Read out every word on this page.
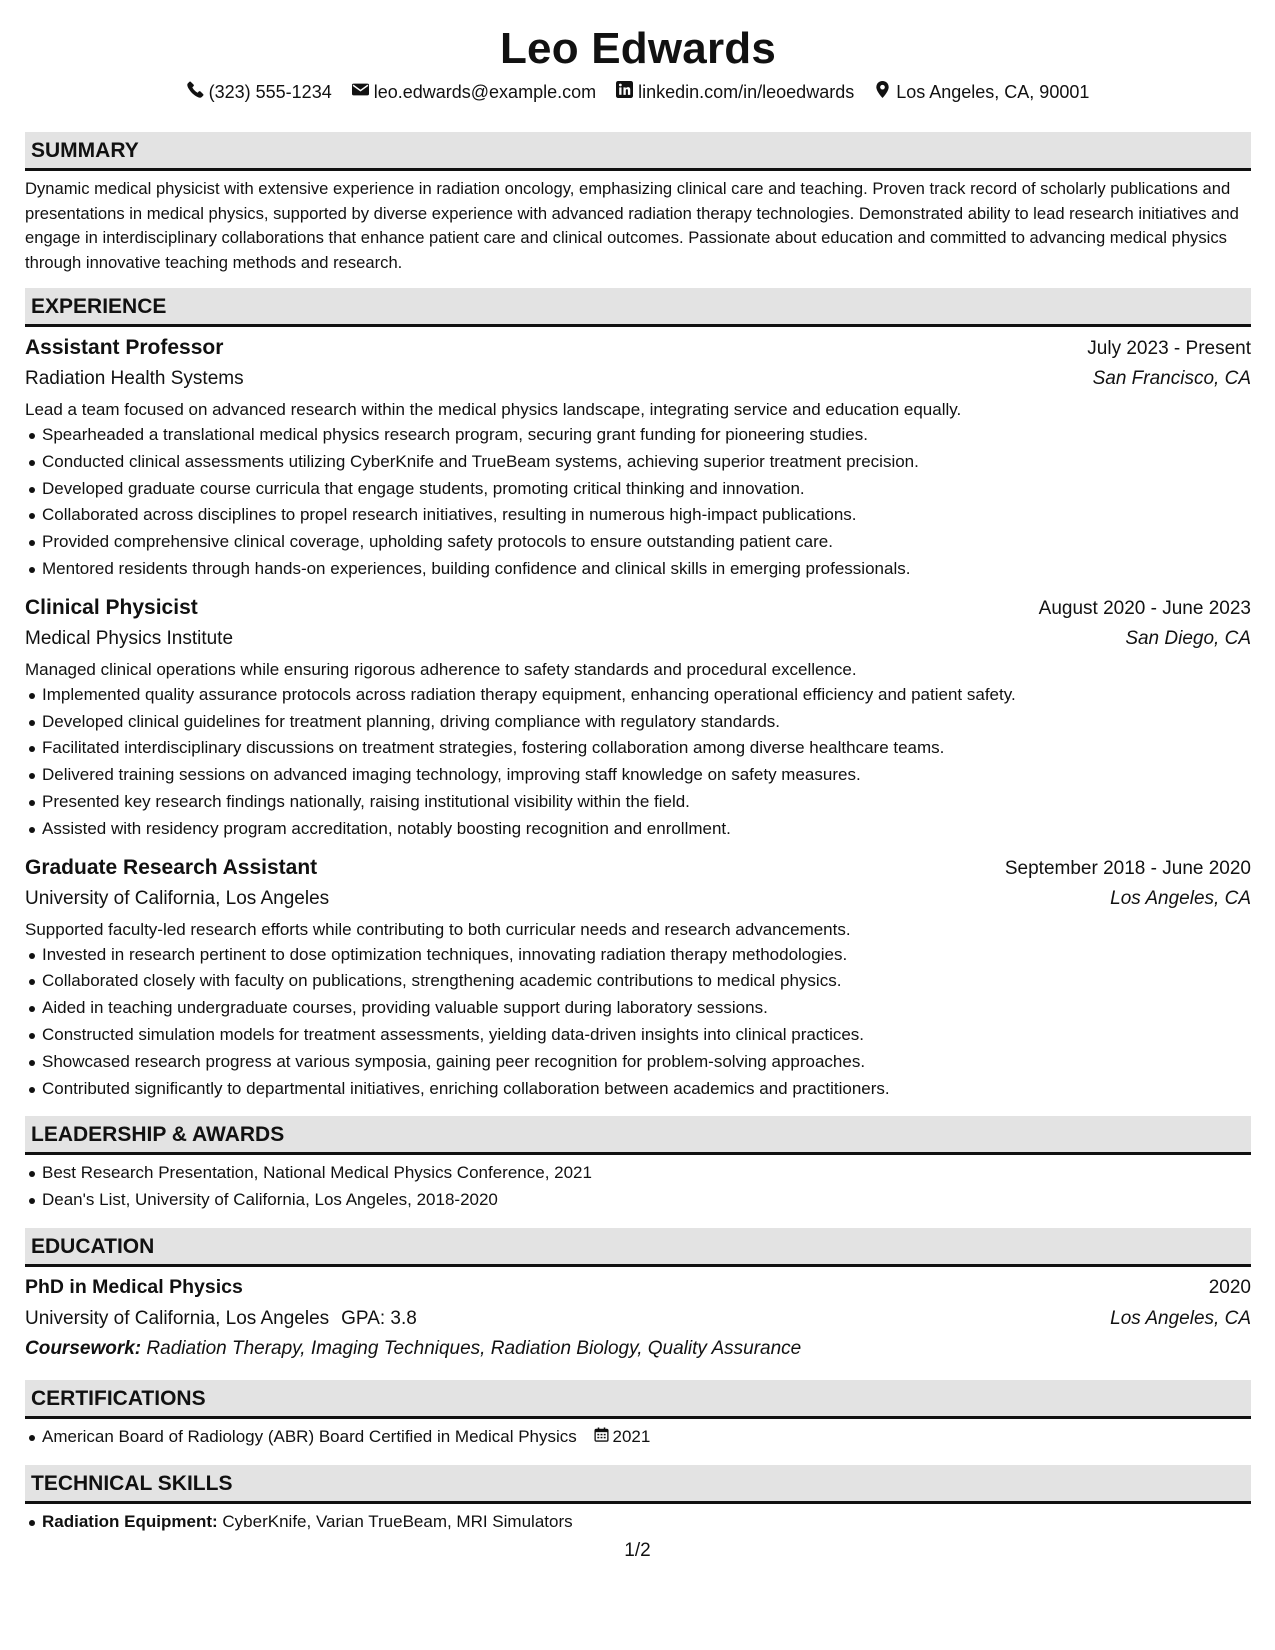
Leo Edwards
(323) 555-1234 leo.edwards@example.com linkedin.com/in/leoedwards Los Angeles, CA, 90001
SUMMARY
Dynamic medical physicist with extensive experience in radiation oncology, emphasizing clinical care and teaching. Proven track record of scholarly publications and presentations in medical physics, supported by diverse experience with advanced radiation therapy technologies. Demonstrated ability to lead research initiatives and engage in interdisciplinary collaborations that enhance patient care and clinical outcomes. Passionate about education and committed to advancing medical physics through innovative teaching methods and research.
EXPERIENCE
Assistant Professor	July 2023 - Present
Radiation Health Systems	San Francisco, CA
Lead a team focused on advanced research within the medical physics landscape, integrating service and education equally.
Spearheaded a translational medical physics research program, securing grant funding for pioneering studies.
Conducted clinical assessments utilizing CyberKnife and TrueBeam systems, achieving superior treatment precision.
Developed graduate course curricula that engage students, promoting critical thinking and innovation.
Collaborated across disciplines to propel research initiatives, resulting in numerous high-impact publications.
Provided comprehensive clinical coverage, upholding safety protocols to ensure outstanding patient care.
Mentored residents through hands-on experiences, building confidence and clinical skills in emerging professionals.
Clinical Physicist	August 2020 - June 2023
Medical Physics Institute	San Diego, CA
Managed clinical operations while ensuring rigorous adherence to safety standards and procedural excellence.
Implemented quality assurance protocols across radiation therapy equipment, enhancing operational efficiency and patient safety.
Developed clinical guidelines for treatment planning, driving compliance with regulatory standards.
Facilitated interdisciplinary discussions on treatment strategies, fostering collaboration among diverse healthcare teams.
Delivered training sessions on advanced imaging technology, improving staff knowledge on safety measures.
Presented key research findings nationally, raising institutional visibility within the field.
Assisted with residency program accreditation, notably boosting recognition and enrollment.
Graduate Research Assistant	September 2018 - June 2020
University of California, Los Angeles	Los Angeles, CA
Supported faculty-led research efforts while contributing to both curricular needs and research advancements.
Invested in research pertinent to dose optimization techniques, innovating radiation therapy methodologies.
Collaborated closely with faculty on publications, strengthening academic contributions to medical physics.
Aided in teaching undergraduate courses, providing valuable support during laboratory sessions.
Constructed simulation models for treatment assessments, yielding data-driven insights into clinical practices.
Showcased research progress at various symposia, gaining peer recognition for problem-solving approaches.
Contributed significantly to departmental initiatives, enriching collaboration between academics and practitioners.
LEADERSHIP & AWARDS
Best Research Presentation, National Medical Physics Conference, 2021
Dean's List, University of California, Los Angeles, 2018-2020
EDUCATION
PhD in Medical Physics	2020
University of California, Los Angeles GPA: 3.8	Los Angeles, CA
Coursework: Radiation Therapy, Imaging Techniques, Radiation Biology, Quality Assurance
CERTIFICATIONS
American Board of Radiology (ABR) Board Certified in Medical Physics 2021
TECHNICAL SKILLS
Radiation Equipment: CyberKnife, Varian TrueBeam, MRI Simulators
1/2
